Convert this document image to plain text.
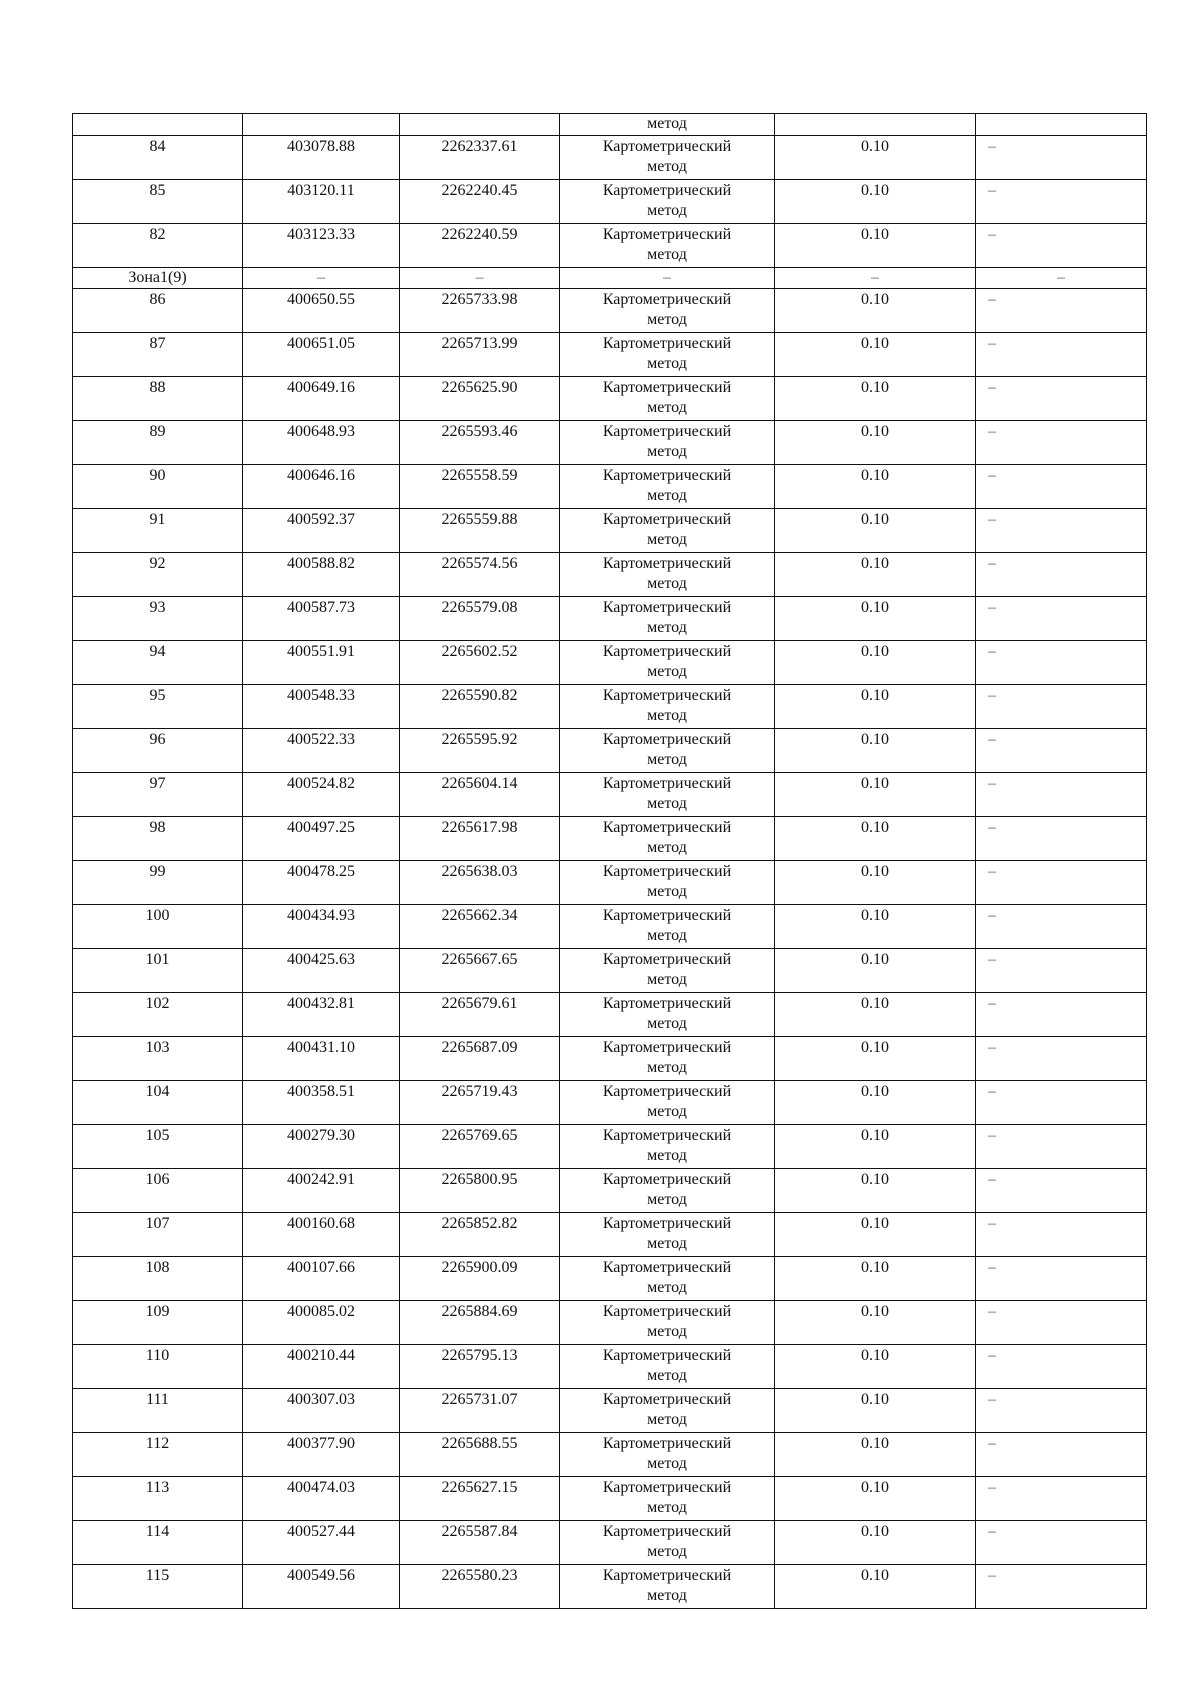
			метод		
84	403078.88	2262337.61	Картометрический
метод	0.10	–
85	403120.11	2262240.45	Картометрический
метод	0.10	–
82	403123.33	2262240.59	Картометрический
метод	0.10	–
Зона1(9)	–	–	–	–	–
86	400650.55	2265733.98	Картометрический
метод	0.10	–
87	400651.05	2265713.99	Картометрический
метод	0.10	–
88	400649.16	2265625.90	Картометрический
метод	0.10	–
89	400648.93	2265593.46	Картометрический
метод	0.10	–
90	400646.16	2265558.59	Картометрический
метод	0.10	–
91	400592.37	2265559.88	Картометрический
метод	0.10	–
92	400588.82	2265574.56	Картометрический
метод	0.10	–
93	400587.73	2265579.08	Картометрический
метод	0.10	–
94	400551.91	2265602.52	Картометрический
метод	0.10	–
95	400548.33	2265590.82	Картометрический
метод	0.10	–
96	400522.33	2265595.92	Картометрический
метод	0.10	–
97	400524.82	2265604.14	Картометрический
метод	0.10	–
98	400497.25	2265617.98	Картометрический
метод	0.10	–
99	400478.25	2265638.03	Картометрический
метод	0.10	–
100	400434.93	2265662.34	Картометрический
метод	0.10	–
101	400425.63	2265667.65	Картометрический
метод	0.10	–
102	400432.81	2265679.61	Картометрический
метод	0.10	–
103	400431.10	2265687.09	Картометрический
метод	0.10	–
104	400358.51	2265719.43	Картометрический
метод	0.10	–
105	400279.30	2265769.65	Картометрический
метод	0.10	–
106	400242.91	2265800.95	Картометрический
метод	0.10	–
107	400160.68	2265852.82	Картометрический
метод	0.10	–
108	400107.66	2265900.09	Картометрический
метод	0.10	–
109	400085.02	2265884.69	Картометрический
метод	0.10	–
110	400210.44	2265795.13	Картометрический
метод	0.10	–
111	400307.03	2265731.07	Картометрический
метод	0.10	–
112	400377.90	2265688.55	Картометрический
метод	0.10	–
113	400474.03	2265627.15	Картометрический
метод	0.10	–
114	400527.44	2265587.84	Картометрический
метод	0.10	–
115	400549.56	2265580.23	Картометрический
метод	0.10	–
